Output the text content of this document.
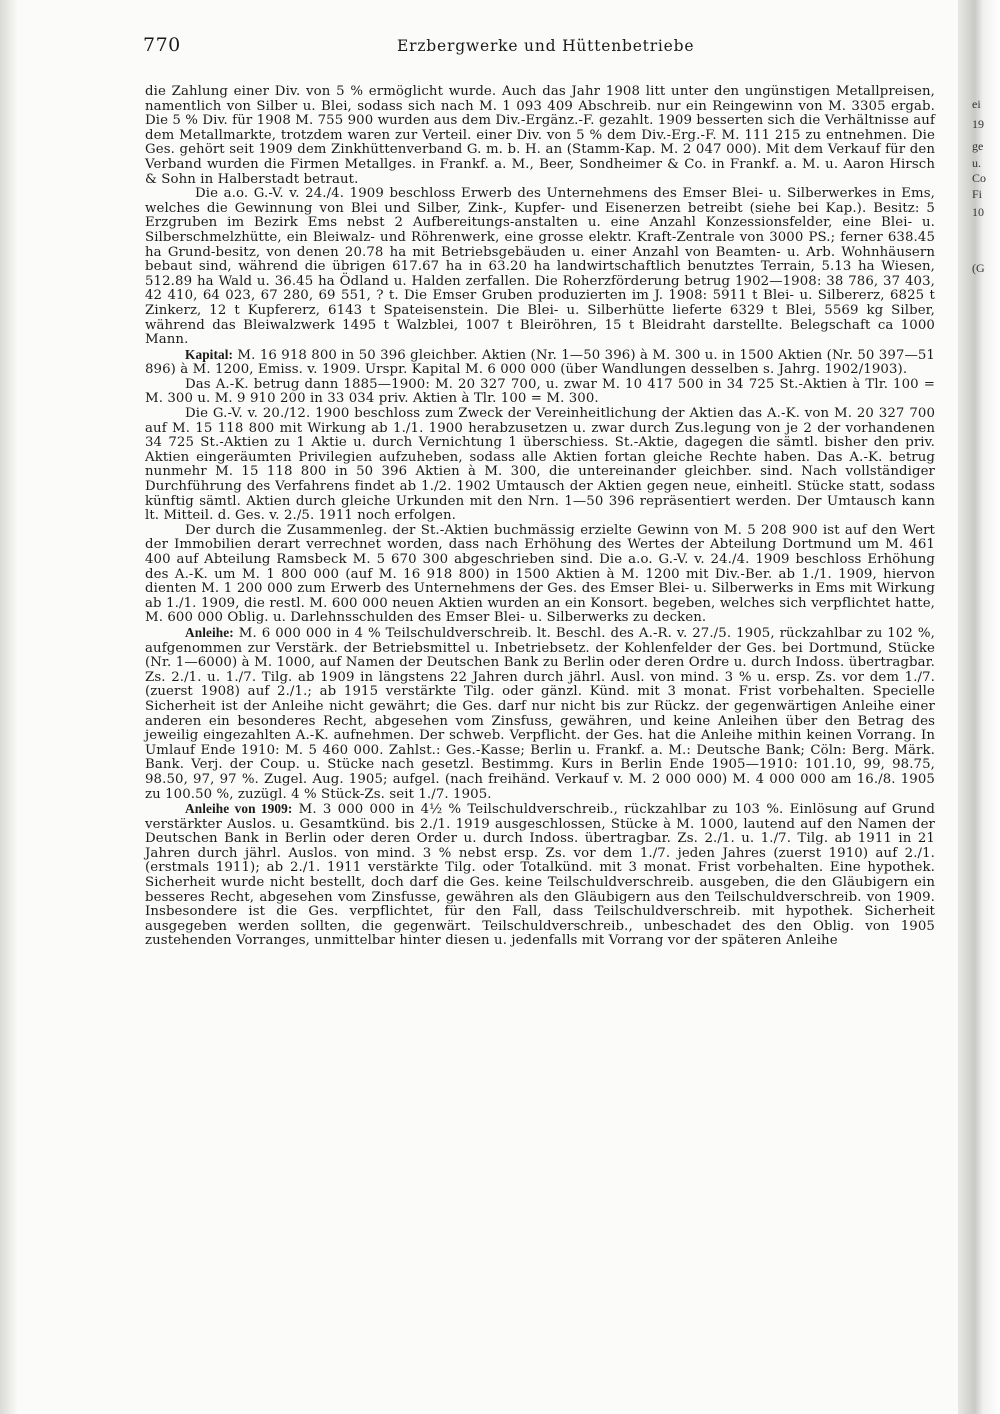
770	Erzbergwerke und Hüttenbetriebe

die Zahlung einer Div. von 5 % ermöglicht wurde. Auch das Jahr 1908 litt unter den ungünstigen Metallpreisen, namentlich von Silber u. Blei, sodass sich nach M. 1 093 409 Abschreib. nur ein Reingewinn von M. 3305 ergab. Die 5 % Div. für 1908 M. 755 900 wurden aus dem Div.-Ergänz.-F. gezahlt. 1909 besserten sich die Verhältnisse auf dem Metallmarkte, trotzdem waren zur Verteil. einer Div. von 5 % dem Div.-Erg.-F. M. 111 215 zu entnehmen. Die Ges. gehört seit 1909 dem Zinkhüttenverband G. m. b. H. an (Stamm-Kap. M. 2 047 000). Mit dem Verkauf für den Verband wurden die Firmen Metallges. in Frankf. a. M., Beer, Sondheimer & Co. in Frankf. a. M. u. Aaron Hirsch & Sohn in Halberstadt betraut.

Die a.o. G.-V. v. 24./4. 1909 beschloss Erwerb des Unternehmens des Emser Blei- u. Silberwerkes in Ems, welches die Gewinnung von Blei und Silber, Zink-, Kupfer- und Eisenerzen betreibt (siehe bei Kap.). Besitz: 5 Erzgruben im Bezirk Ems nebst 2 Aufbereitungs-anstalten u. eine Anzahl Konzessionsfelder, eine Blei- u. Silberschmelzhütte, ein Bleiwalz- und Röhrenwerk, eine grosse elektr. Kraft-Zentrale von 3000 PS.; ferner 638.45 ha Grund-besitz, von denen 20.78 ha mit Betriebsgebäuden u. einer Anzahl von Beamten- u. Arb. Wohnhäusern bebaut sind, während die übrigen 617.67 ha in 63.20 ha landwirtschaftlich benutztes Terrain, 5.13 ha Wiesen, 512.89 ha Wald u. 36.45 ha Ödland u. Halden zerfallen. Die Roherzförderung betrug 1902—1908: 38 786, 37 403, 42 410, 64 023, 67 280, 69 551, ? t. Die Emser Gruben produzierten im J. 1908: 5911 t Blei- u. Silbererz, 6825 t Zinkerz, 12 t Kupfererz, 6143 t Spateisenstein. Die Blei- u. Silberhütte lieferte 6329 t Blei, 5569 kg Silber, während das Bleiwalzwerk 1495 t Walzblei, 1007 t Bleiröhren, 15 t Bleidraht darstellte. Belegschaft ca 1000 Mann.

Kapital: M. 16 918 800 in 50 396 gleichber. Aktien (Nr. 1—50 396) à M. 300 u. in 1500 Aktien (Nr. 50 397—51 896) à M. 1200, Emiss. v. 1909. Urspr. Kapital M. 6 000 000 (über Wandlungen desselben s. Jahrg. 1902/1903).

Das A.-K. betrug dann 1885—1900: M. 20 327 700, u. zwar M. 10 417 500 in 34 725 St.-Aktien à Tlr. 100 = M. 300 u. M. 9 910 200 in 33 034 priv. Aktien à Tlr. 100 = M. 300.

Die G.-V. v. 20./12. 1900 beschloss zum Zweck der Vereinheitlichung der Aktien das A.-K. von M. 20 327 700 auf M. 15 118 800 mit Wirkung ab 1./1. 1900 herabzusetzen u. zwar durch Zus.legung von je 2 der vorhandenen 34 725 St.-Aktien zu 1 Aktie u. durch Vernichtung 1 überschiess. St.-Aktie, dagegen die sämtl. bisher den priv. Aktien eingeräumten Privilegien aufzuheben, sodass alle Aktien fortan gleiche Rechte haben. Das A.-K. betrug nunmehr M. 15 118 800 in 50 396 Aktien à M. 300, die untereinander gleichber. sind. Nach vollständiger Durchführung des Verfahrens findet ab 1./2. 1902 Umtausch der Aktien gegen neue, einheitl. Stücke statt, sodass künftig sämtl. Aktien durch gleiche Urkunden mit den Nrn. 1—50 396 repräsentiert werden. Der Umtausch kann lt. Mitteil. d. Ges. v. 2./5. 1911 noch erfolgen.

Der durch die Zusammenleg. der St.-Aktien buchmässig erzielte Gewinn von M. 5 208 900 ist auf den Wert der Immobilien derart verrechnet worden, dass nach Erhöhung des Wertes der Abteilung Dortmund um M. 461 400 auf Abteilung Ramsbeck M. 5 670 300 abgeschrieben sind. Die a.o. G.-V. v. 24./4. 1909 beschloss Erhöhung des A.-K. um M. 1 800 000 (auf M. 16 918 800) in 1500 Aktien à M. 1200 mit Div.-Ber. ab 1./1. 1909, hiervon dienten M. 1 200 000 zum Erwerb des Unternehmens der Ges. des Emser Blei- u. Silberwerks in Ems mit Wirkung ab 1./1. 1909, die restl. M. 600 000 neuen Aktien wurden an ein Konsort. begeben, welches sich verpflichtet hatte, M. 600 000 Oblig. u. Darlehnsschulden des Emser Blei- u. Silberwerks zu decken.

Anleihe: M. 6 000 000 in 4 % Teilschuldverschreib. lt. Beschl. des A.-R. v. 27./5. 1905, rückzahlbar zu 102 %, aufgenommen zur Verstärk. der Betriebsmittel u. Inbetriebsetz. der Kohlenfelder der Ges. bei Dortmund, Stücke (Nr. 1—6000) à M. 1000, auf Namen der Deutschen Bank zu Berlin oder deren Ordre u. durch Indoss. übertragbar. Zs. 2./1. u. 1./7. Tilg. ab 1909 in längstens 22 Jahren durch jährl. Ausl. von mind. 3 % u. ersp. Zs. vor dem 1./7. (zuerst 1908) auf 2./1.; ab 1915 verstärkte Tilg. oder gänzl. Künd. mit 3 monat. Frist vorbehalten. Specielle Sicherheit ist der Anleihe nicht gewährt; die Ges. darf nur nicht bis zur Rückz. der gegenwärtigen Anleihe einer anderen ein besonderes Recht, abgesehen vom Zinsfuss, gewähren, und keine Anleihen über den Betrag des jeweilig eingezahlten A.-K. aufnehmen. Der schweb. Verpflicht. der Ges. hat die Anleihe mithin keinen Vorrang. In Umlauf Ende 1910: M. 5 460 000. Zahlst.: Ges.-Kasse; Berlin u. Frankf. a. M.: Deutsche Bank; Cöln: Berg. Märk. Bank. Verj. der Coup. u. Stücke nach gesetzl. Bestimmg. Kurs in Berlin Ende 1905—1910: 101.10, 99, 98.75, 98.50, 97, 97 %. Zugel. Aug. 1905; aufgel. (nach freihänd. Verkauf v. M. 2 000 000) M. 4 000 000 am 16./8. 1905 zu 100.50 %, zuzügl. 4 % Stück-Zs. seit 1./7. 1905.

Anleihe von 1909: M. 3 000 000 in 4½ % Teilschuldverschreib., rückzahlbar zu 103 %. Einlösung auf Grund verstärkter Auslos. u. Gesamtkünd. bis 2./1. 1919 ausgeschlossen, Stücke à M. 1000, lautend auf den Namen der Deutschen Bank in Berlin oder deren Order u. durch Indoss. übertragbar. Zs. 2./1. u. 1./7. Tilg. ab 1911 in 21 Jahren durch jährl. Auslos. von mind. 3 % nebst ersp. Zs. vor dem 1./7. jeden Jahres (zuerst 1910) auf 2./1. (erstmals 1911); ab 2./1. 1911 verstärkte Tilg. oder Totalkünd. mit 3 monat. Frist vorbehalten. Eine hypothek. Sicherheit wurde nicht bestellt, doch darf die Ges. keine Teilschuldverschreib. ausgeben, die den Gläubigern ein besseres Recht, abgesehen vom Zinsfusse, gewähren als den Gläubigern aus den Teilschuldverschreib. von 1909. Insbesondere ist die Ges. verpflichtet, für den Fall, dass Teilschuldverschreib. mit hypothek. Sicherheit ausgegeben werden sollten, die gegenwärt. Teilschuldverschreib., unbeschadet des den Oblig. von 1905 zustehenden Vorranges, unmittelbar hinter diesen u. jedenfalls mit Vorrang vor der späteren Anleihe

ei
19
ge
u.
Co
Fi
10
(G
